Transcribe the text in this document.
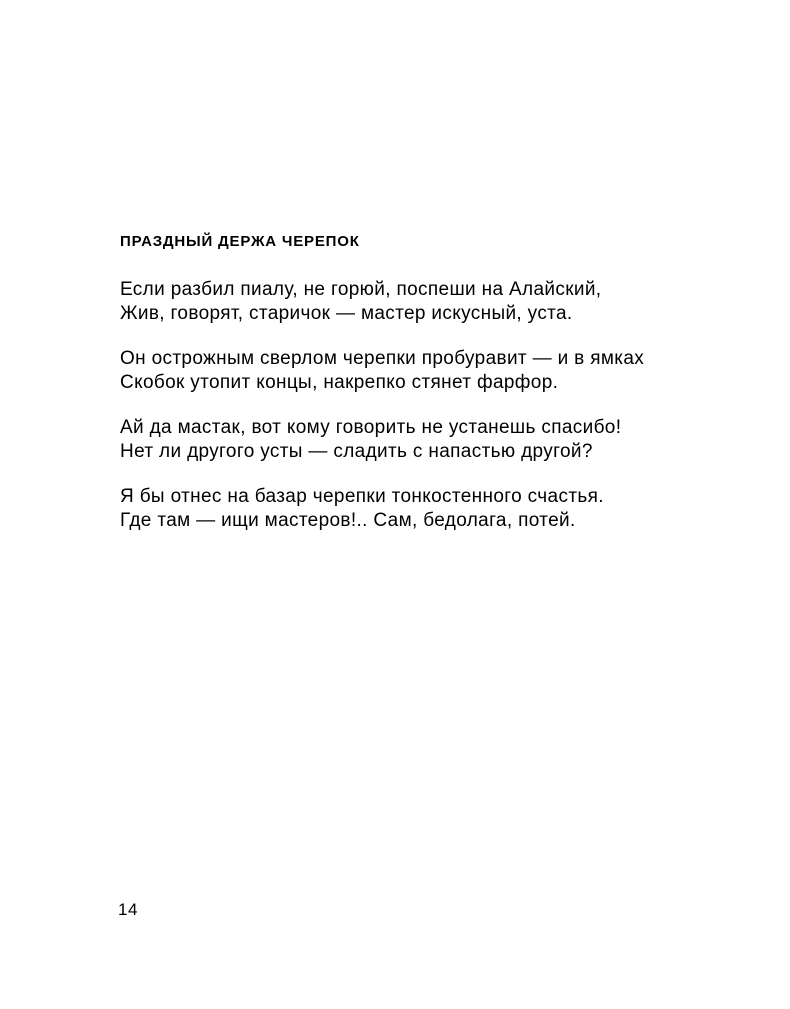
ПРАЗДНЫЙ ДЕРЖА ЧЕРЕПОК
Если разбил пиалу, не горюй, поспеши на Алайский,
Жив, говорят, старичок — мастер искусный, уста.
Он острожным сверлом черепки пробуравит — и в ямках
Скобок утопит концы, накрепко стянет фарфор.
Ай да мастак, вот кому говорить не устанешь спасибо!
Нет ли другого усты — сладить с напастью другой?
Я бы отнес на базар черепки тонкостенного счастья.
Где там — ищи мастеров!.. Сам, бедолага, потей.
14
